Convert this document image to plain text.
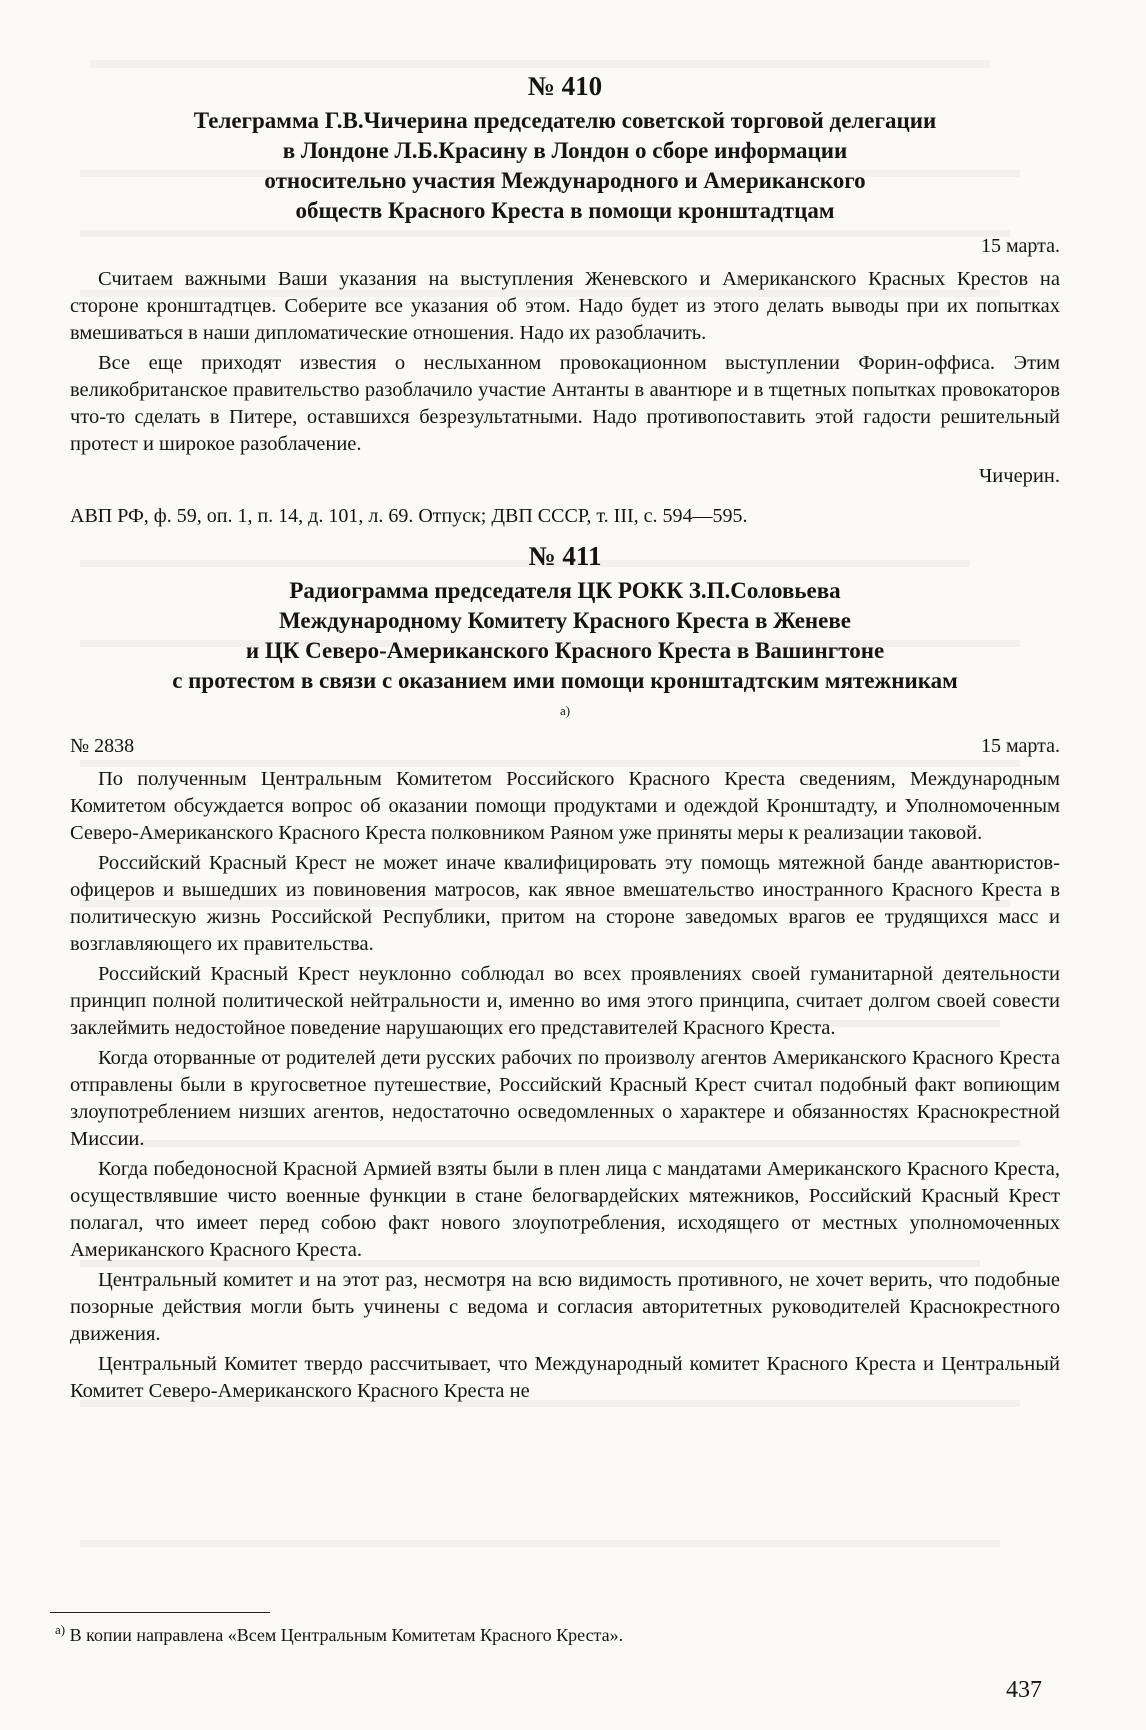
№ 410
Телеграмма Г.В.Чичерина председателю советской торговой делегации
в Лондоне Л.Б.Красину в Лондон о сборе информации
относительно участия Международного и Американского
обществ Красного Креста в помощи кронштадтцам
15 марта.

Считаем важными Ваши указания на выступления Женевского и Американского Красных Крестов на стороне кронштадтцев. Соберите все указания об этом. Надо будет из этого делать выводы при их попытках вмешиваться в наши дипломатические отношения. Надо их разоблачить.

Все еще приходят известия о неслыханном провокационном выступлении Форин-оффиса. Этим великобританское правительство разоблачило участие Антанты в авантюре и в тщетных попытках провокаторов что-то сделать в Питере, оставшихся безрезультатными. Надо противопоставить этой гадости решительный протест и широкое разоблачение.

Чичерин.
АВП РФ, ф. 59, оп. 1, п. 14, д. 101, л. 69. Отпуск; ДВП СССР, т. III, с. 594—595.
№ 411
Радиограмма председателя ЦК РОКК З.П.Соловьева
Международному Комитету Красного Креста в Женеве
и ЦК Северо-Американского Красного Креста в Вашингтоне
с протестом в связи с оказанием ими помощи кронштадтским мятежникам
а)
№ 2838	15 марта.

По полученным Центральным Комитетом Российского Красного Креста сведениям, Международным Комитетом обсуждается вопрос об оказании помощи продуктами и одеждой Кронштадту, и Уполномоченным Северо-Американского Красного Креста полковником Раяном уже приняты меры к реализации таковой.

Российский Красный Крест не может иначе квалифицировать эту помощь мятежной банде авантюристов-офицеров и вышедших из повиновения матросов, как явное вмешательство иностранного Красного Креста в политическую жизнь Российской Республики, притом на стороне заведомых врагов ее трудящихся масс и возглавляющего их правительства.

Российский Красный Крест неуклонно соблюдал во всех проявлениях своей гуманитарной деятельности принцип полной политической нейтральности и, именно во имя этого принципа, считает долгом своей совести заклеймить недостойное поведение нарушающих его представителей Красного Креста.

Когда оторванные от родителей дети русских рабочих по произволу агентов Американского Красного Креста отправлены были в кругосветное путешествие, Российский Красный Крест считал подобный факт вопиющим злоупотреблением низших агентов, недостаточно осведомленных о характере и обязанностях Краснокрестной Миссии.

Когда победоносной Красной Армией взяты были в плен лица с мандатами Американского Красного Креста, осуществлявшие чисто военные функции в стане белогвардейских мятежников, Российский Красный Крест полагал, что имеет перед собою факт нового злоупотребления, исходящего от местных уполномоченных Американского Красного Креста.

Центральный комитет и на этот раз, несмотря на всю видимость противного, не хочет верить, что подобные позорные действия могли быть учинены с ведома и согласия авторитетных руководителей Краснокрестного движения.

Центральный Комитет твердо рассчитывает, что Международный комитет Красного Креста и Центральный Комитет Северо-Американского Красного Креста не

$^{а)}$ В копии направлена «Всем Центральным Комитетам Красного Креста».
437
